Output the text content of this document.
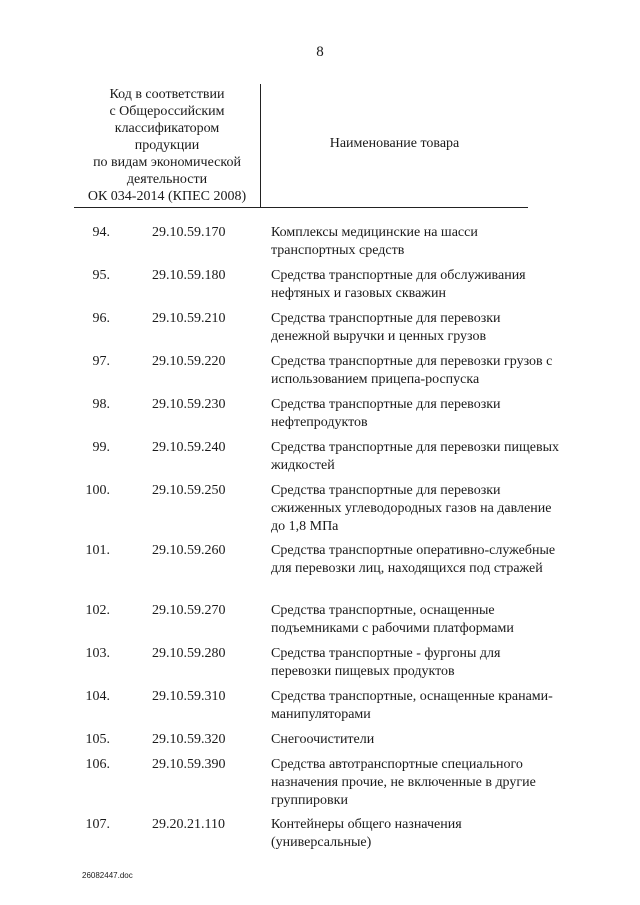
8
Код в соответствии
с Общероссийским
классификатором
продукции
по видам экономической
деятельности
ОК 034-2014 (КПЕС 2008)
Наименование товара
94.	29.10.59.170	Комплексы медицинские на шасси транспортных средств
95.	29.10.59.180	Средства транспортные для обслуживания нефтяных и газовых скважин
96.	29.10.59.210	Средства транспортные для перевозки денежной выручки и ценных грузов
97.	29.10.59.220	Средства транспортные для перевозки грузов с использованием прицепа-роспуска
98.	29.10.59.230	Средства транспортные для перевозки нефтепродуктов
99.	29.10.59.240	Средства транспортные для перевозки пищевых жидкостей
100.	29.10.59.250	Средства транспортные для перевозки сжиженных углеводородных газов на давление до 1,8 МПа
101.	29.10.59.260	Средства транспортные оперативно-служебные для перевозки лиц, находящихся под стражей
102.	29.10.59.270	Средства транспортные, оснащенные подъемниками с рабочими платформами
103.	29.10.59.280	Средства транспортные - фургоны для перевозки пищевых продуктов
104.	29.10.59.310	Средства транспортные, оснащенные кранами-манипуляторами
105.	29.10.59.320	Снегоочистители
106.	29.10.59.390	Средства автотранспортные специального назначения прочие, не включенные в другие группировки
107.	29.20.21.110	Контейнеры общего назначения (универсальные)
26082447.doc
